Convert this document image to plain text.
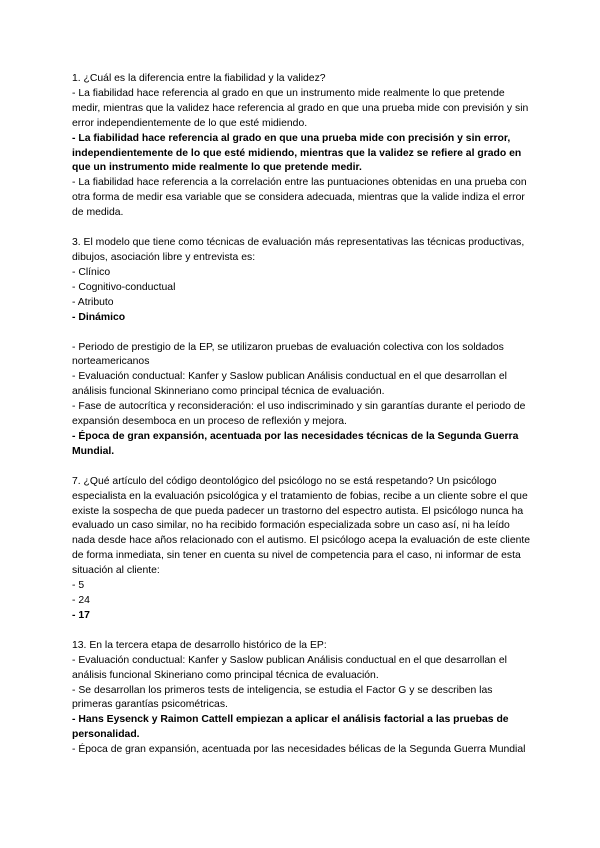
1. ¿Cuál es la diferencia entre la fiabilidad y la validez?

- La fiabilidad hace referencia al grado en que un instrumento mide realmente lo que pretende medir, mientras que la validez hace referencia al grado en que una prueba mide con previsión y sin error independientemente de lo que esté midiendo.

- La fiabilidad hace referencia al grado en que una prueba mide con precisión y sin error, independientemente de lo que esté midiendo, mientras que la validez se refiere al grado en que un instrumento mide realmente lo que pretende medir.

- La fiabilidad hace referencia a la correlación entre las puntuaciones obtenidas en una prueba con otra forma de medir esa variable que se considera adecuada, mientras que la valide indiza el error de medida.

3. El modelo que tiene como técnicas de evaluación más representativas las técnicas productivas, dibujos, asociación libre y entrevista es:

- Clínico

- Cognitivo-conductual

- Atributo

- Dinámico

- Periodo de prestigio de la EP, se utilizaron pruebas de evaluación colectiva con los soldados norteamericanos

- Evaluación conductual: Kanfer y Saslow publican Análisis conductual en el que desarrollan el análisis funcional Skinneriano como principal técnica de evaluación.

- Fase de autocrítica y reconsideración: el uso indiscriminado y sin garantías durante el periodo de expansión desemboca en un proceso de reflexión y mejora.

- Época de gran expansión, acentuada por las necesidades técnicas de la Segunda Guerra Mundial.

7. ¿Qué artículo del código deontológico del psicólogo no se está respetando? Un psicólogo especialista en la evaluación psicológica y el tratamiento de fobias, recibe a un cliente sobre el que existe la sospecha de que pueda padecer un trastorno del espectro autista. El psicólogo nunca ha evaluado un caso similar, no ha recibido formación especializada sobre un caso así, ni ha leído nada desde hace años relacionado con el autismo. El psicólogo acepa la evaluación de este cliente de forma inmediata, sin tener en cuenta su nivel de competencia para el caso, ni informar de esta situación al cliente:

- 5

- 24

- 17

13. En la tercera etapa de desarrollo histórico de la EP:

- Evaluación conductual: Kanfer y Saslow publican Análisis conductual en el que desarrollan el análisis funcional Skineriano como principal técnica de evaluación.

- Se desarrollan los primeros tests de inteligencia, se estudia el Factor G y se describen las primeras garantías psicométricas.

- Hans Eysenck y Raimon Cattell empiezan a aplicar el análisis factorial a las pruebas de personalidad.

- Época de gran expansión, acentuada por las necesidades bélicas de la Segunda Guerra Mundial
